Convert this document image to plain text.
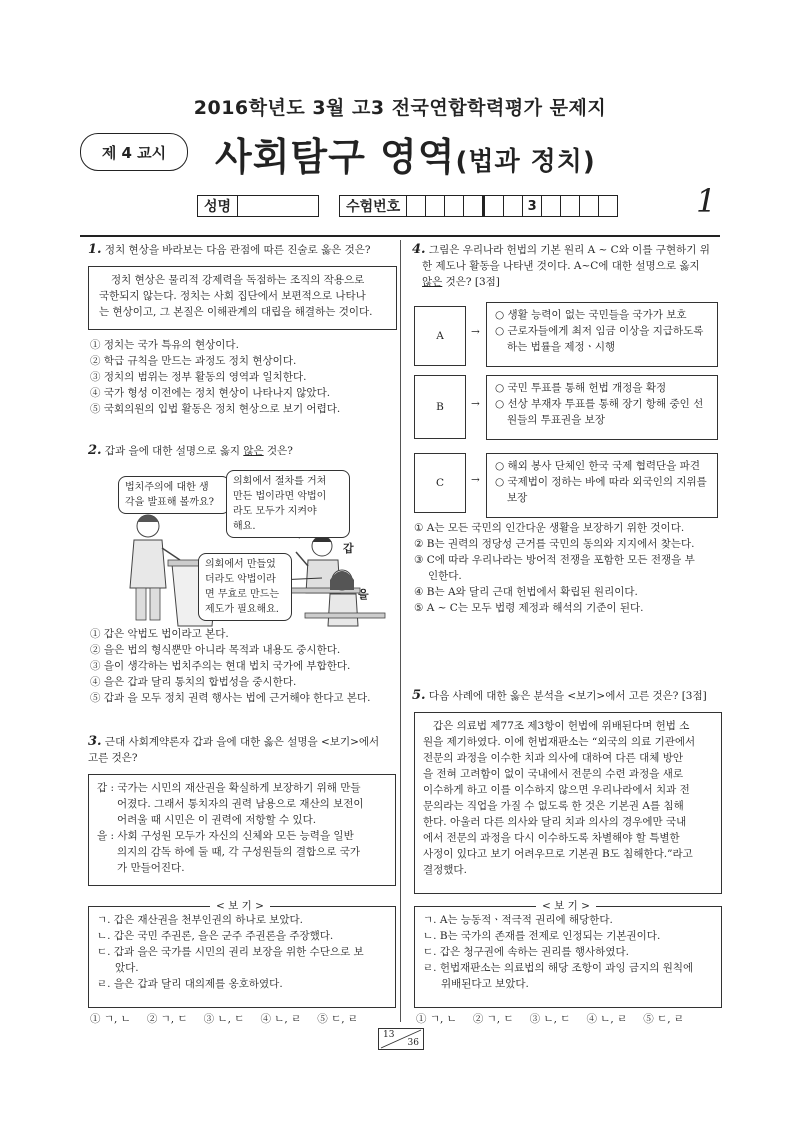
2016학년도 3월 고3 전국연합학력평가 문제지
제 4 교시	사회탐구 영역(법과 정치)
성명	수험번호	3	1
1. 정치 현상을 바라보는 다음 관점에 따른 진술로 옳은 것은?
정치 현상은 물리적 강제력을 독점하는 조직의 작용으로
국한되지 않는다. 정치는 사회 집단에서 보편적으로 나타나
는 현상이고, 그 본질은 이해관계의 대립을 해결하는 것이다.
① 정치는 국가 특유의 현상이다.
② 학급 규칙을 만드는 과정도 정치 현상이다.
③ 정치의 범위는 정부 활동의 영역과 일치한다.
④ 국가 형성 이전에는 정치 현상이 나타나지 않았다.
⑤ 국회의원의 입법 활동은 정치 현상으로 보기 어렵다.
2. 갑과 을에 대한 설명으로 옳지 않은 것은?
법치주의에 대한 생
각을 발표해 볼까요?
의회에서 절차를 거쳐
만든 법이라면 악법이
라도 모두가 지켜야
해요.
의회에서 만들었
더라도 악법이라
면 무효로 만드는
제도가 필요해요.
갑
을
① 갑은 악법도 법이라고 본다.
② 을은 법의 형식뿐만 아니라 목적과 내용도 중시한다.
③ 을이 생각하는 법치주의는 현대 법치 국가에 부합한다.
④ 을은 갑과 달리 통치의 합법성을 중시한다.
⑤ 갑과 을 모두 정치 권력 행사는 법에 근거해야 한다고 본다.
3. 근대 사회계약론자 갑과 을에 대한 옳은 설명을 <보기>에서
고른 것은?
갑 : 국가는 시민의 재산권을 확실하게 보장하기 위해 만들
어졌다. 그래서 통치자의 권력 남용으로 재산의 보전이
어려울 때 시민은 이 권력에 저항할 수 있다.
을 : 사회 구성원 모두가 자신의 신체와 모든 능력을 일반
의지의 감독 하에 둘 때, 각 구성원들의 결합으로 국가
가 만들어진다.
ㄱ. 갑은 재산권을 천부인권의 하나로 보았다.
ㄴ. 갑은 국민 주권론, 을은 군주 주권론을 주장했다.
ㄷ. 갑과 을은 국가를 시민의 권리 보장을 위한 수단으로 보
았다.
ㄹ. 을은 갑과 달리 대의제를 옹호하였다.
< 보 기 >
① ㄱ, ㄴ ② ㄱ, ㄷ ③ ㄴ, ㄷ ④ ㄴ, ㄹ ⑤ ㄷ, ㄹ
4. 그림은 우리나라 헌법의 기본 원리 A ~ C와 이를 구현하기 위
한 제도나 활동을 나타낸 것이다. A~C에 대한 설명으로 옳지
않은 것은? [3점]
A	→
○ 생활 능력이 없는 국민들을 국가가 보호
○ 근로자들에게 최저 임금 이상을 지급하도록
하는 법률을 제정ㆍ시행
B	→
○ 국민 투표를 통해 헌법 개정을 확정
○ 선상 부재자 투표를 통해 장기 항해 중인 선
원들의 투표권을 보장
C	→
○ 해외 봉사 단체인 한국 국제 협력단을 파견
○ 국제법이 정하는 바에 따라 외국인의 지위를
보장
① A는 모든 국민의 인간다운 생활을 보장하기 위한 것이다.
② B는 권력의 정당성 근거를 국민의 동의와 지지에서 찾는다.
③ C에 따라 우리나라는 방어적 전쟁을 포함한 모든 전쟁을 부
인한다.
④ B는 A와 달리 근대 헌법에서 확립된 원리이다.
⑤ A ~ C는 모두 법령 제정과 해석의 기준이 된다.
5. 다음 사례에 대한 옳은 분석을 <보기>에서 고른 것은? [3점]
갑은 의료법 제77조 제3항이 헌법에 위배된다며 헌법 소
원을 제기하였다. 이에 헌법재판소는 “외국의 의료 기관에서
전문의 과정을 이수한 치과 의사에 대하여 다른 대체 방안
을 전혀 고려함이 없이 국내에서 전문의 수련 과정을 새로
이수하게 하고 이를 이수하지 않으면 우리나라에서 치과 전
문의라는 직업을 가질 수 없도록 한 것은 기본권 A를 침해
한다. 아울러 다른 의사와 달리 치과 의사의 경우에만 국내
에서 전문의 과정을 다시 이수하도록 차별해야 할 특별한
사정이 있다고 보기 어려우므로 기본권 B도 침해한다.”라고
결정했다.
ㄱ. A는 능동적ㆍ적극적 권리에 해당한다.
ㄴ. B는 국가의 존재를 전제로 인정되는 기본권이다.
ㄷ. 갑은 청구권에 속하는 권리를 행사하였다.
ㄹ. 헌법재판소는 의료법의 해당 조항이 과잉 금지의 원칙에
위배된다고 보았다.
< 보 기 >
① ㄱ, ㄴ ② ㄱ, ㄷ ③ ㄴ, ㄷ ④ ㄴ, ㄹ ⑤ ㄷ, ㄹ
13
36
